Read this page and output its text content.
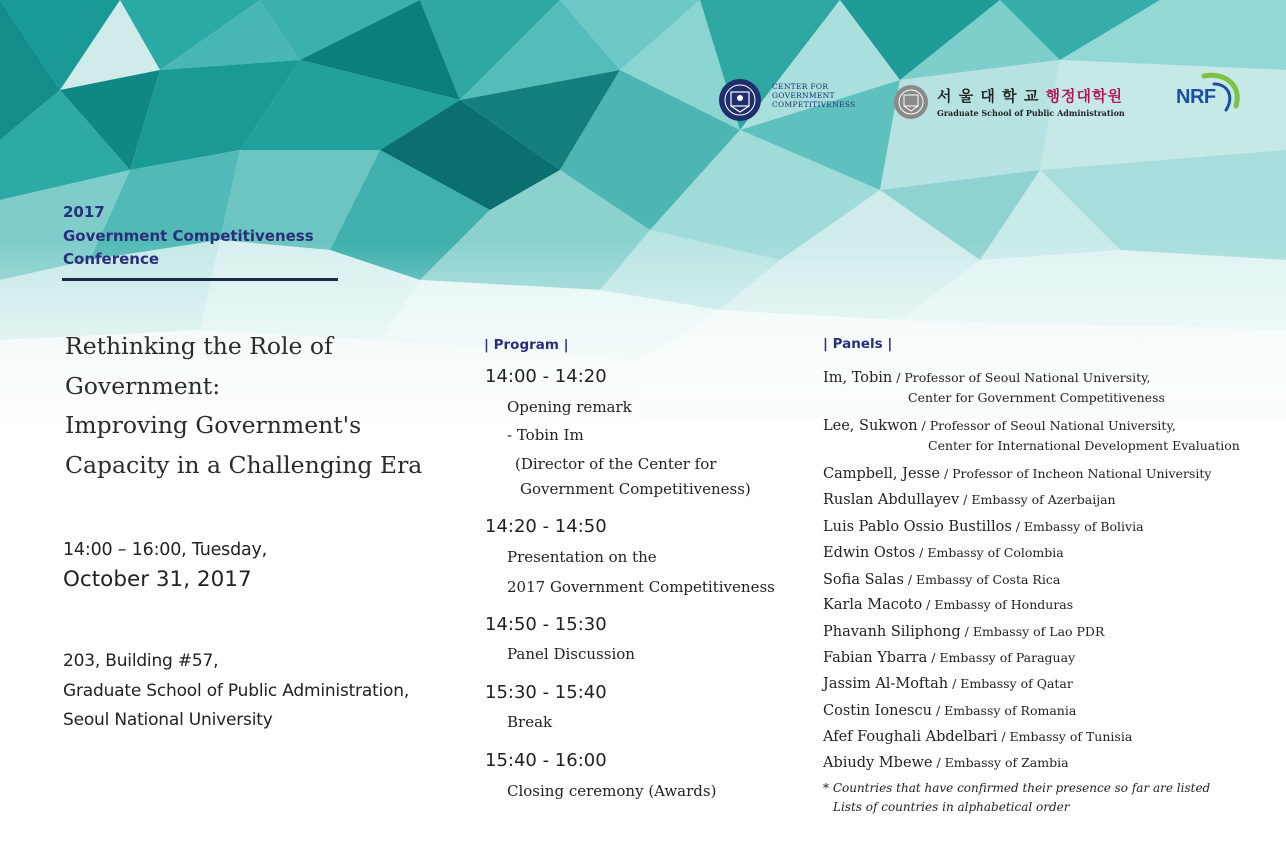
CENTER FOR
GOVERNMENT
COMPETITIVENESS	서 울 대 학 교 행정대학원
Graduate School of Public Administration
NRF
2017
Government Competitiveness
Conference
Rethinking the Role of
Government:
Improving Government's
Capacity in a Challenging Era
14:00 – 16:00, Tuesday,
October 31, 2017
203, Building #57,
Graduate School of Public Administration,
Seoul National University
| Program |
14:00 - 14:20
Opening remark
- Tobin Im
(Director of the Center for
Government Competitiveness)
14:20 - 14:50
Presentation on the
2017 Government Competitiveness
14:50 - 15:30
Panel Discussion
15:30 - 15:40
Break
15:40 - 16:00
Closing ceremony (Awards)
| Panels |
Im, Tobin / Professor of Seoul National University,
Center for Government Competitiveness
Lee, Sukwon / Professor of Seoul National University,
Center for International Development Evaluation
Campbell, Jesse / Professor of Incheon National University
Ruslan Abdullayev / Embassy of Azerbaijan
Luis Pablo Ossio Bustillos / Embassy of Bolivia
Edwin Ostos / Embassy of Colombia
Sofia Salas / Embassy of Costa Rica
Karla Macoto / Embassy of Honduras
Phavanh Siliphong / Embassy of Lao PDR
Fabian Ybarra / Embassy of Paraguay
Jassim Al-Moftah / Embassy of Qatar
Costin Ionescu / Embassy of Romania
Afef Foughali Abdelbari / Embassy of Tunisia
Abiudy Mbewe / Embassy of Zambia
* Countries that have confirmed their presence so far are listed
Lists of countries in alphabetical order
